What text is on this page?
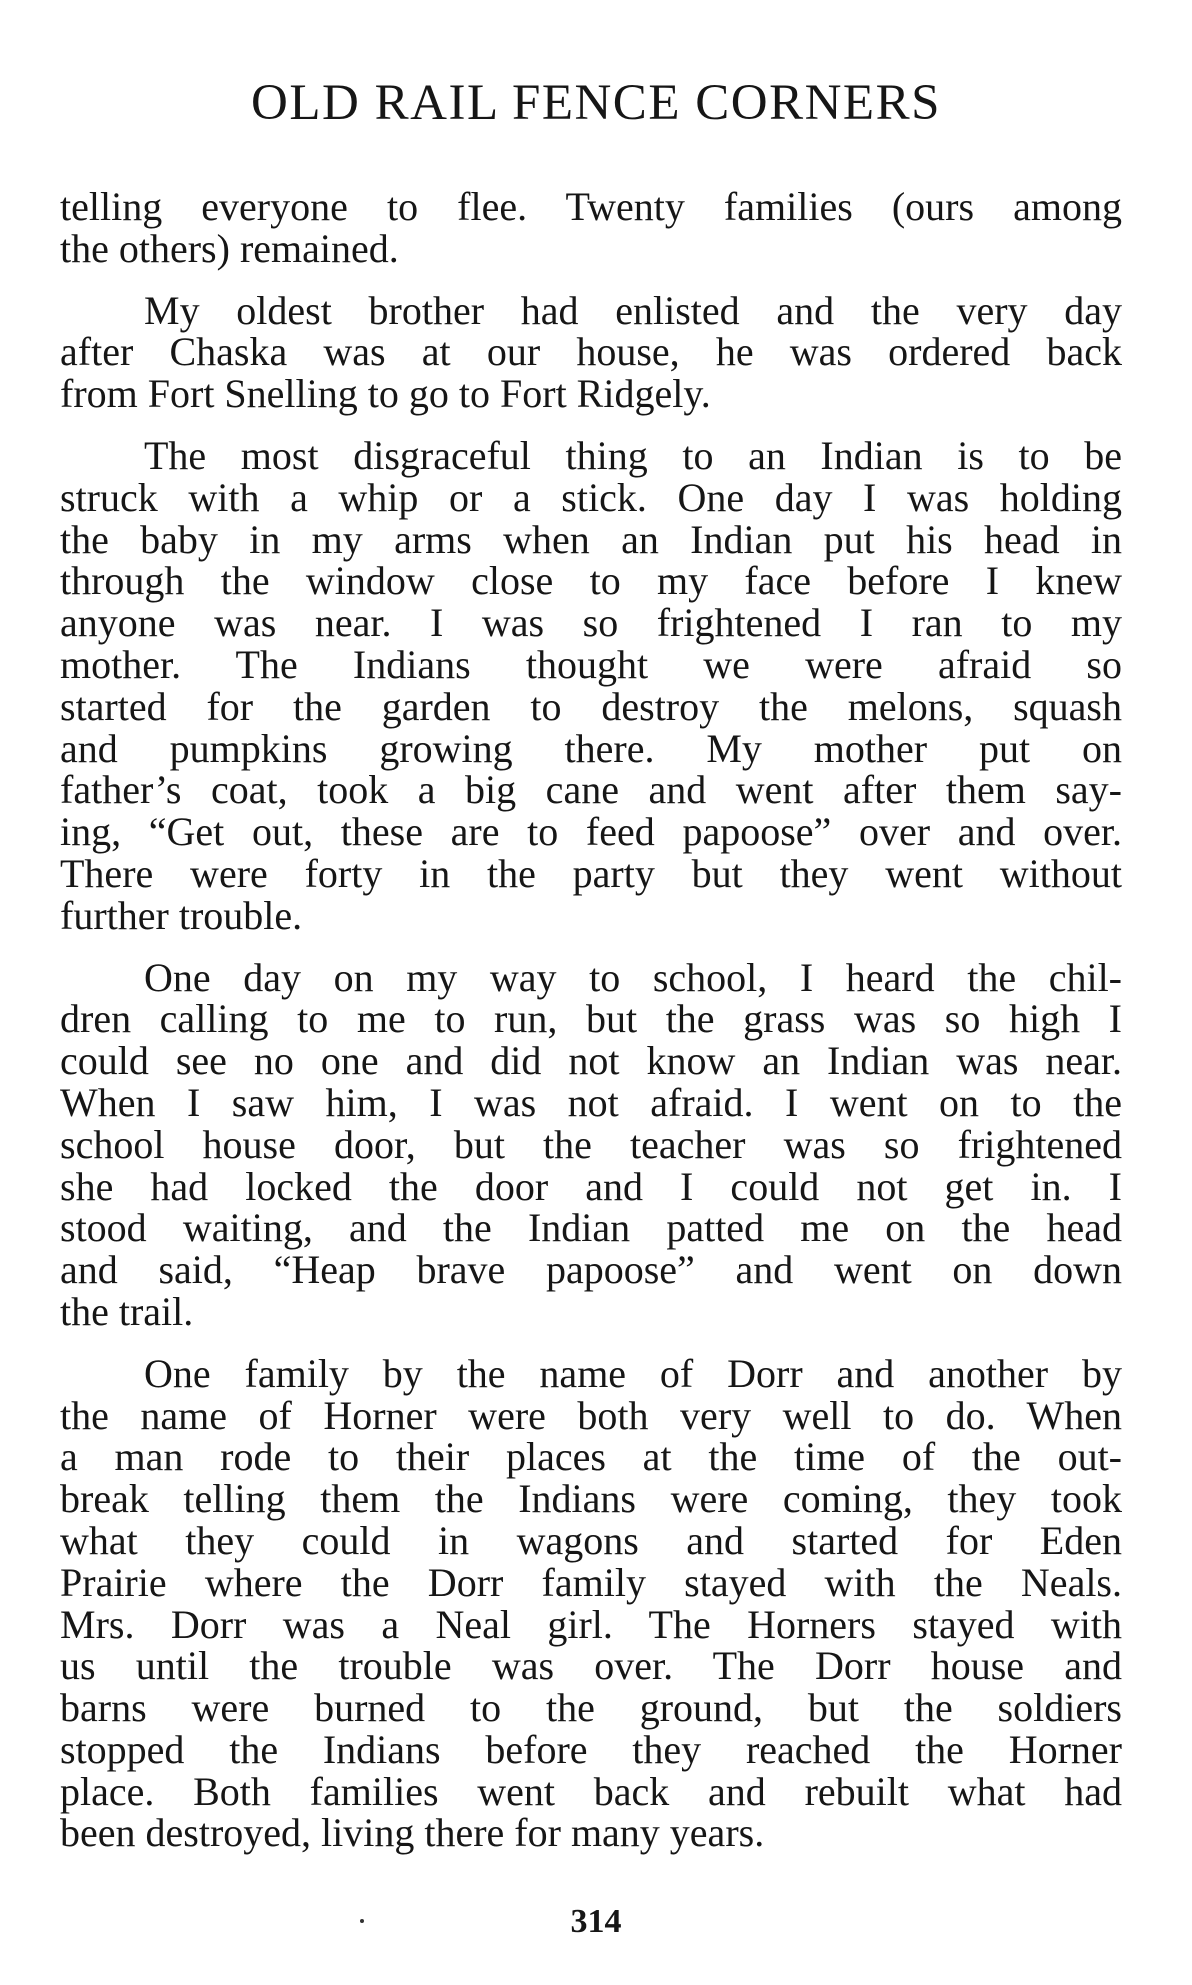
OLD RAIL FENCE CORNERS

telling everyone to flee. Twenty families (ours among
the others) remained.

My oldest brother had enlisted and the very day
after Chaska was at our house, he was ordered back
from Fort Snelling to go to Fort Ridgely.

The most disgraceful thing to an Indian is to be
struck with a whip or a stick. One day I was holding
the baby in my arms when an Indian put his head in
through the window close to my face before I knew
anyone was near. I was so frightened I ran to my
mother. The Indians thought we were afraid so
started for the garden to destroy the melons, squash
and pumpkins growing there. My mother put on
father’s coat, took a big cane and went after them say-
ing, “Get out, these are to feed papoose” over and over.
There were forty in the party but they went without
further trouble.

One day on my way to school, I heard the chil-
dren calling to me to run, but the grass was so high I
could see no one and did not know an Indian was near.
When I saw him, I was not afraid. I went on to the
school house door, but the teacher was so frightened
she had locked the door and I could not get in. I
stood waiting, and the Indian patted me on the head
and said, “Heap brave papoose” and went on down
the trail.

One family by the name of Dorr and another by
the name of Horner were both very well to do. When
a man rode to their places at the time of the out-
break telling them the Indians were coming, they took
what they could in wagons and started for Eden
Prairie where the Dorr family stayed with the Neals.
Mrs. Dorr was a Neal girl. The Horners stayed with
us until the trouble was over. The Dorr house and
barns were burned to the ground, but the soldiers
stopped the Indians before they reached the Horner
place. Both families went back and rebuilt what had
been destroyed, living there for many years.

314
